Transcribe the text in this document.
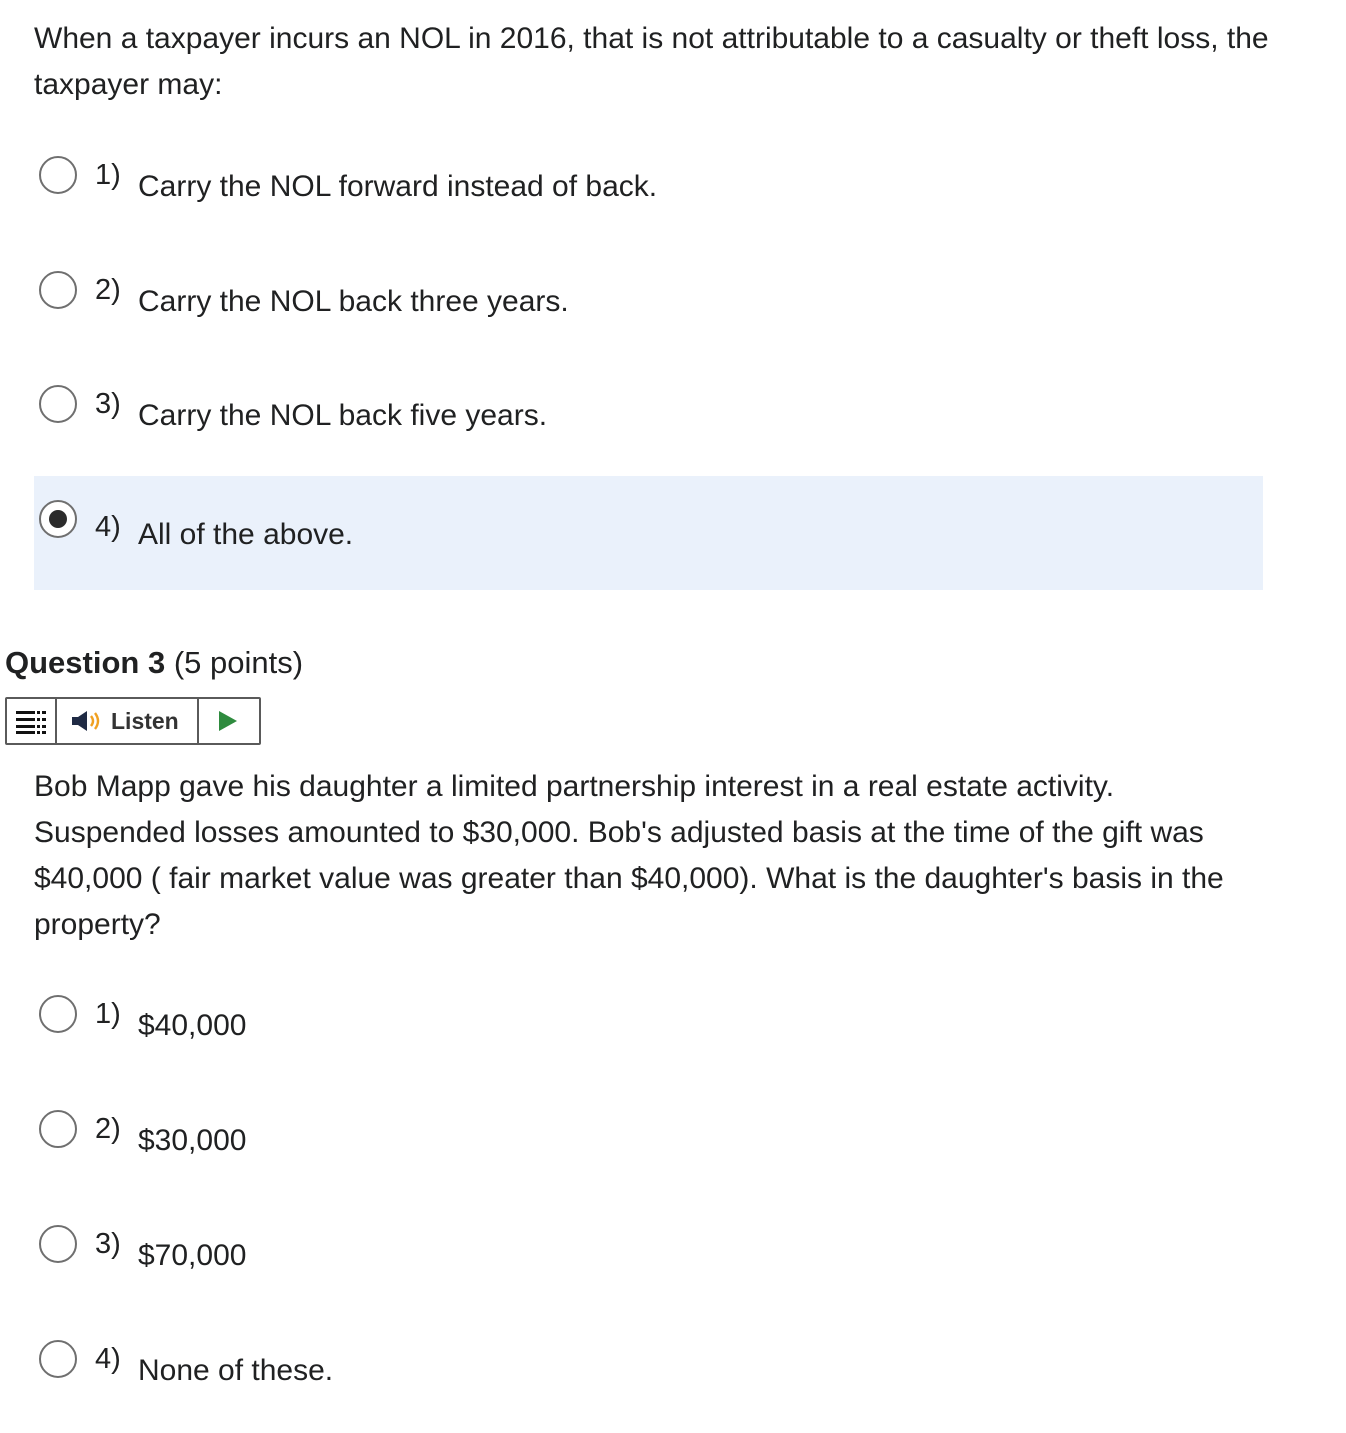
When a taxpayer incurs an NOL in 2016, that is not attributable to a casualty or theft loss, the taxpayer may:

1) Carry the NOL forward instead of back.
2) Carry the NOL back three years.
3) Carry the NOL back five years.
4) All of the above.
Question 3 (5 points)
Listen

Bob Mapp gave his daughter a limited partnership interest in a real estate activity. Suspended losses amounted to $30,000. Bob's adjusted basis at the time of the gift was $40,000 ( fair market value was greater than $40,000). What is the daughter's basis in the property?

1) $40,000
2) $30,000
3) $70,000
4) None of these.
